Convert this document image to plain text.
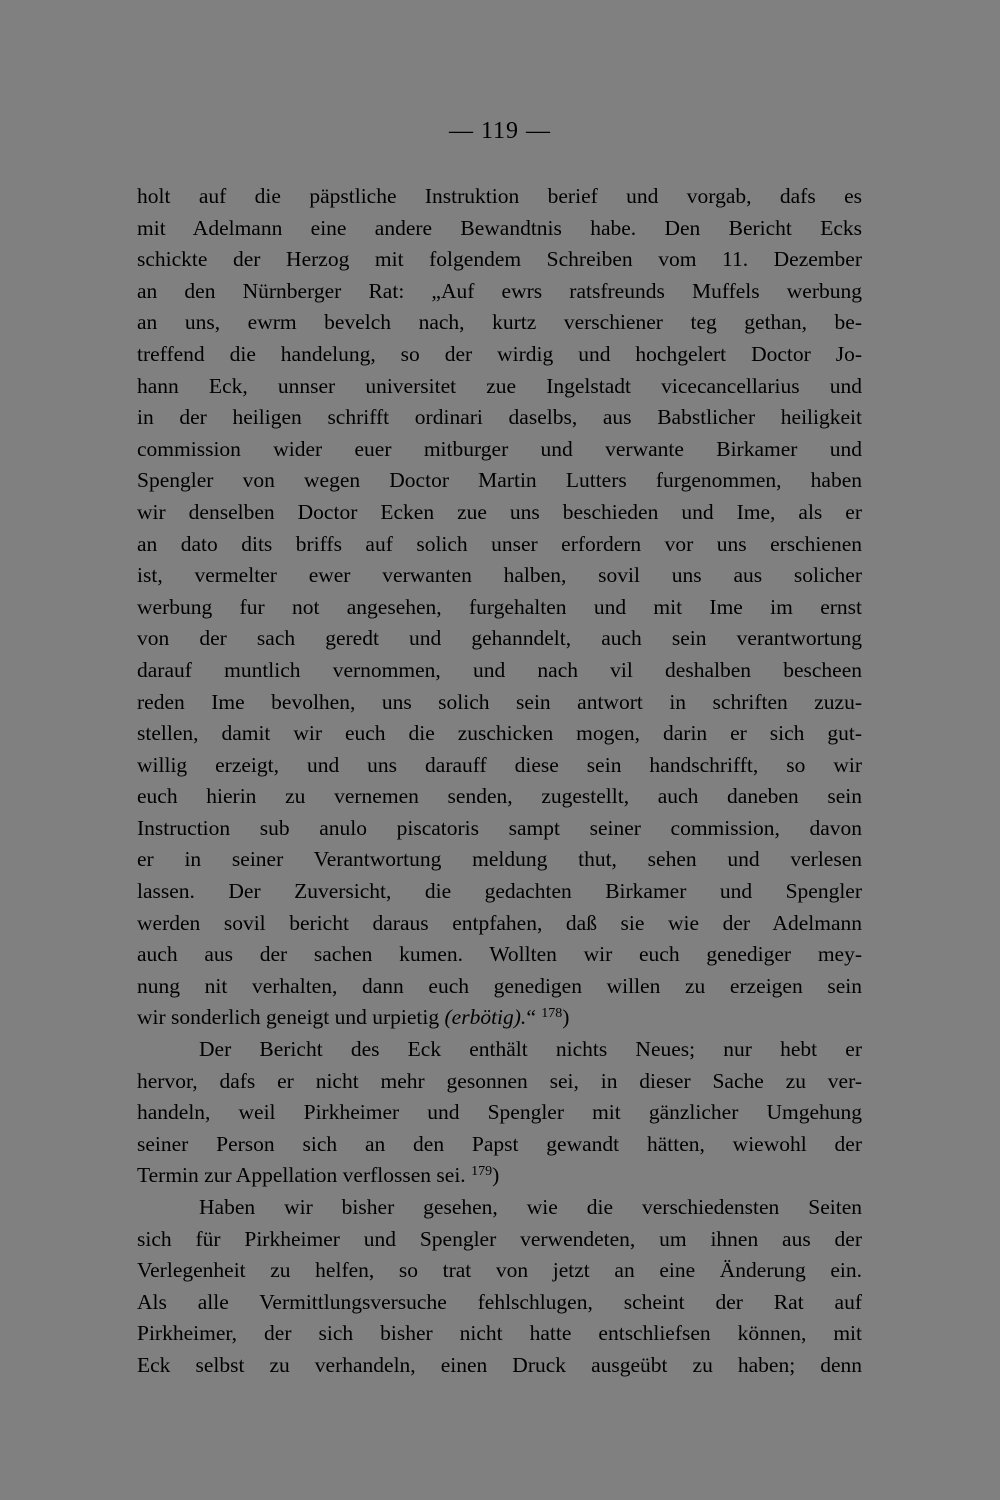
— 119 —
holt auf die päpstliche Instruktion berief und vorgab, dafs es
mit Adelmann eine andere Bewandtnis habe. Den Bericht Ecks
schickte der Herzog mit folgendem Schreiben vom 11. Dezember
an den Nürnberger Rat: „Auf ewrs ratsfreunds Muffels werbung
an uns, ewrm bevelch nach, kurtz verschiener teg gethan, be-
treffend die handelung, so der wirdig und hochgelert Doctor Jo-
hann Eck, unnser universitet zue Ingelstadt vicecancellarius und
in der heiligen schrifft ordinari daselbs, aus Babstlicher heiligkeit
commission wider euer mitburger und verwante Birkamer und
Spengler von wegen Doctor Martin Lutters furgenommen, haben
wir denselben Doctor Ecken zue uns beschieden und Ime, als er
an dato dits briffs auf solich unser erfordern vor uns erschienen
ist, vermelter ewer verwanten halben, sovil uns aus solicher
werbung fur not angesehen, furgehalten und mit Ime im ernst
von der sach geredt und gehanndelt, auch sein verantwortung
darauf muntlich vernommen, und nach vil deshalben bescheen
reden Ime bevolhen, uns solich sein antwort in schriften zuzu-
stellen, damit wir euch die zuschicken mogen, darin er sich gut-
willig erzeigt, und uns darauff diese sein handschrifft, so wir
euch hierin zu vernemen senden, zugestellt, auch daneben sein
Instruction sub anulo piscatoris sampt seiner commission, davon
er in seiner Verantwortung meldung thut, sehen und verlesen
lassen. Der Zuversicht, die gedachten Birkamer und Spengler
werden sovil bericht daraus entpfahen, daß sie wie der Adelmann
auch aus der sachen kumen. Wollten wir euch genediger mey-
nung nit verhalten, dann euch genedigen willen zu erzeigen sein
wir sonderlich geneigt und urpietig (erbötig).“ $^{178}$)
Der Bericht des Eck enthält nichts Neues; nur hebt er
hervor, dafs er nicht mehr gesonnen sei, in dieser Sache zu ver-
handeln, weil Pirkheimer und Spengler mit gänzlicher Umgehung
seiner Person sich an den Papst gewandt hätten, wiewohl der
Termin zur Appellation verflossen sei. $^{179}$)
Haben wir bisher gesehen, wie die verschiedensten Seiten
sich für Pirkheimer und Spengler verwendeten, um ihnen aus der
Verlegenheit zu helfen, so trat von jetzt an eine Änderung ein.
Als alle Vermittlungsversuche fehlschlugen, scheint der Rat auf
Pirkheimer, der sich bisher nicht hatte entschliefsen können, mit
Eck selbst zu verhandeln, einen Druck ausgeübt zu haben; denn
